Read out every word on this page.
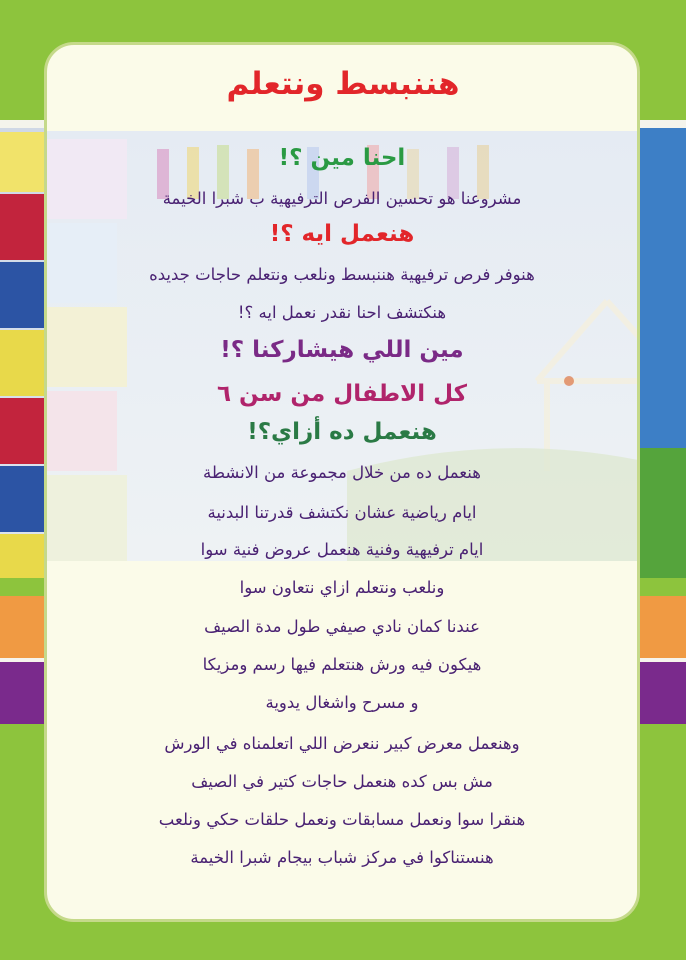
هننبسط ونتعلم
احنا مين ؟!
مشروعنا هو تحسين الفرص الترفيهية ب شبرا الخيمة
هنعمل ايه ؟!
هنوفر فرص ترفيهية هننبسط ونلعب ونتعلم حاجات جديده
هنكتشف احنا نقدر نعمل ايه ؟!
مين اللي هيشاركنا ؟!
كل الاطفال من سن ٦
هنعمل ده أزاي؟!
هنعمل ده من خلال مجموعة من الانشطة
ايام رياضية عشان نكتشف قدرتنا البدنية
ايام ترفيهية وفنية هنعمل عروض فنية سوا
ونلعب ونتعلم ازاي نتعاون سوا
عندنا كمان نادي صيفي طول مدة الصيف
هيكون فيه ورش هنتعلم فيها رسم ومزيكا
و مسرح واشغال يدوية
وهنعمل معرض كبير ننعرض اللي اتعلمناه في الورش
مش بس كده هنعمل حاجات كتير في الصيف
هنقرا سوا ونعمل مسابقات ونعمل حلقات حكي ونلعب
هنستناكوا في مركز شباب بيجام شبرا الخيمة
